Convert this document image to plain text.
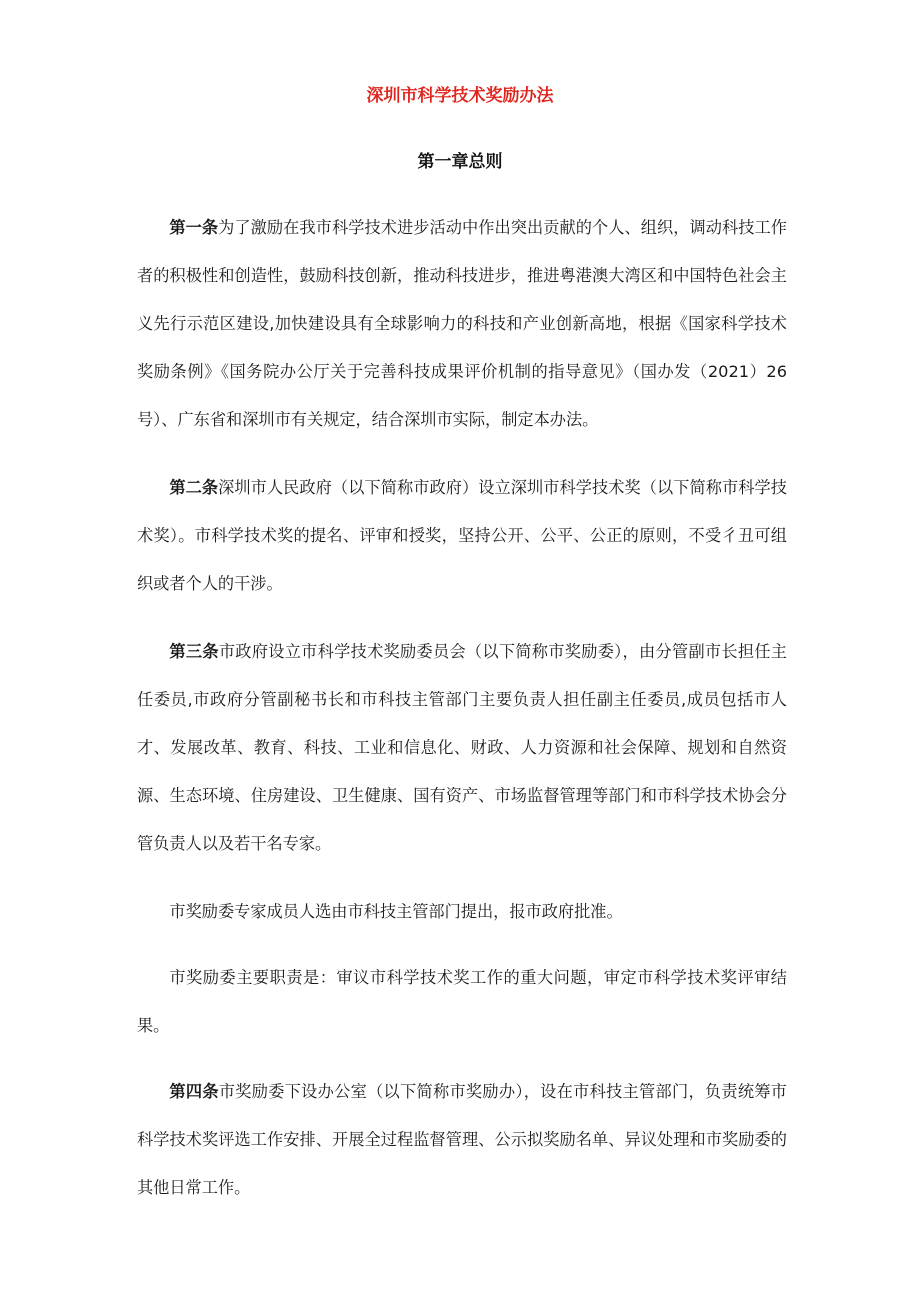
深圳市科学技术奖励办法
第一章总则

第一条为了激励在我市科学技术进步活动中作出突出贡献的个人、组织，调动科技工作者的积极性和创造性，鼓励科技创新，推动科技进步，推进粤港澳大湾区和中国特色社会主义先行示范区建设,加快建设具有全球影响力的科技和产业创新高地，根据《国家科学技术奖励条例》《国务院办公厅关于完善科技成果评价机制的指导意见》（国办发（2021）26号）、广东省和深圳市有关规定，结合深圳市实际，制定本办法。

第二条深圳市人民政府（以下简称市政府）设立深圳市科学技术奖（以下简称市科学技术奖）。市科学技术奖的提名、评审和授奖，坚持公开、公平、公正的原则，不受彳丑可组织或者个人的干涉。

第三条市政府设立市科学技术奖励委员会（以下简称市奖励委），由分管副市长担任主任委员,市政府分管副秘书长和市科技主管部门主要负责人担任副主任委员,成员包括市人才、发展改革、教育、科技、工业和信息化、财政、人力资源和社会保障、规划和自然资源、生态环境、住房建设、卫生健康、国有资产、市场监督管理等部门和市科学技术协会分管负责人以及若干名专家。

市奖励委专家成员人选由市科技主管部门提出，报市政府批准。

市奖励委主要职责是：审议市科学技术奖工作的重大问题，审定市科学技术奖评审结果。

第四条市奖励委下设办公室（以下简称市奖励办），设在市科技主管部门，负责统筹市科学技术奖评选工作安排、开展全过程监督管理、公示拟奖励名单、异议处理和市奖励委的其他日常工作。
